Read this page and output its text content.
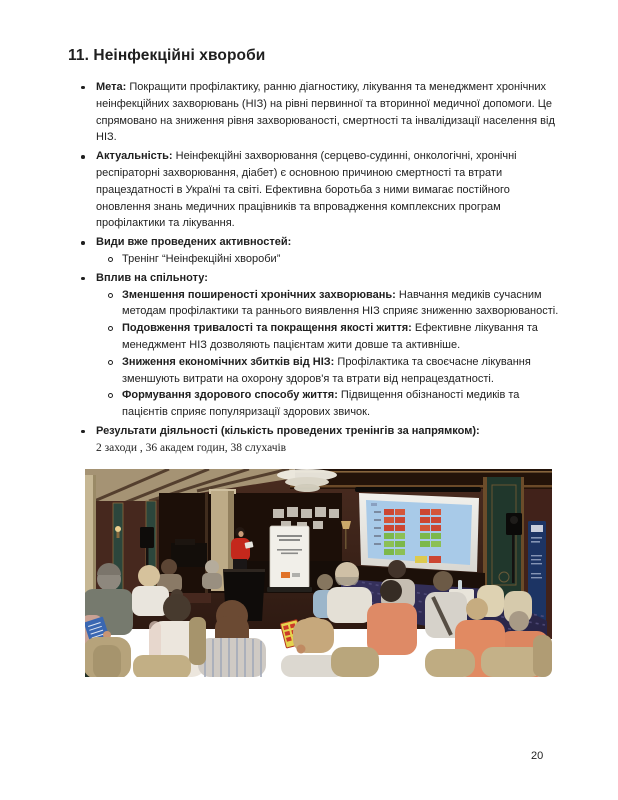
11. Неінфекційні хвороби
Мета: Покращити профілактику, ранню діагностику, лікування та менеджмент хронічних неінфекційних захворювань (НІЗ) на рівні первинної та вторинної медичної допомоги. Це спрямовано на зниження рівня захворюваності, смертності та інвалідизації населення від НІЗ.
Актуальність: Неінфекційні захворювання (серцево-судинні, онкологічні, хронічні респіраторні захворювання, діабет) є основною причиною смертності та втрати працездатності в Україні та світі. Ефективна боротьба з ними вимагає постійного оновлення знань медичних працівників та впровадження комплексних програм профілактики та лікування.
Види вже проведених активностей:
Тренінг “Неінфекційні хвороби”
Вплив на спільноту:
Зменшення поширеності хронічних захворювань: Навчання медиків сучасним методам профілактики та раннього виявлення НІЗ сприяє зниженню захворюваності.
Подовження тривалості та покращення якості життя: Ефективне лікування та менеджмент НІЗ дозволяють пацієнтам жити довше та активніше.
Зниження економічних збитків від НІЗ: Профілактика та своєчасне лікування зменшують витрати на охорону здоров'я та втрати від непрацездатності.
Формування здорового способу життя: Підвищення обізнаності медиків та пацієнтів сприяє популяризації здорових звичок.
Результати діяльності (кількість проведених тренінгів за напрямком):
2 заходи , 36 академ годин, 38 слухачів
20
